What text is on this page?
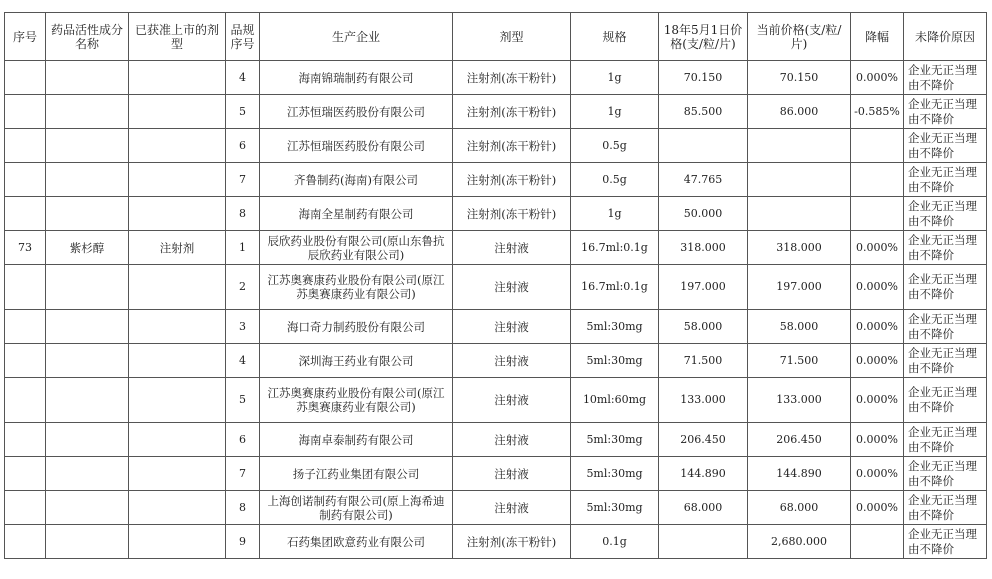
序号	药品活性成分名称	已获准上市的剂型	品规序号	生产企业	剂型	规格	18年5月1日价格(支/粒/片)	当前价格(支/粒/片)	降幅	未降价原因
			4	海南锦瑞制药有限公司	注射剂(冻干粉针)	1g	70.150	70.150	0.000%	企业无正当理由不降价
			5	江苏恒瑞医药股份有限公司	注射剂(冻干粉针)	1g	85.500	86.000	-0.585%	企业无正当理由不降价
			6	江苏恒瑞医药股份有限公司	注射剂(冻干粉针)	0.5g				企业无正当理由不降价
			7	齐鲁制药(海南)有限公司	注射剂(冻干粉针)	0.5g	47.765			企业无正当理由不降价
			8	海南全星制药有限公司	注射剂(冻干粉针)	1g	50.000			企业无正当理由不降价
73	紫杉醇	注射剂	1	辰欣药业股份有限公司(原山东鲁抗辰欣药业有限公司)	注射液	16.7ml:0.1g	318.000	318.000	0.000%	企业无正当理由不降价
			2	江苏奥赛康药业股份有限公司(原江苏奥赛康药业有限公司)	注射液	16.7ml:0.1g	197.000	197.000	0.000%	企业无正当理由不降价
			3	海口奇力制药股份有限公司	注射液	5ml:30mg	58.000	58.000	0.000%	企业无正当理由不降价
			4	深圳海王药业有限公司	注射液	5ml:30mg	71.500	71.500	0.000%	企业无正当理由不降价
			5	江苏奥赛康药业股份有限公司(原江苏奥赛康药业有限公司)	注射液	10ml:60mg	133.000	133.000	0.000%	企业无正当理由不降价
			6	海南卓泰制药有限公司	注射液	5ml:30mg	206.450	206.450	0.000%	企业无正当理由不降价
			7	扬子江药业集团有限公司	注射液	5ml:30mg	144.890	144.890	0.000%	企业无正当理由不降价
			8	上海创诺制药有限公司(原上海希迪制药有限公司)	注射液	5ml:30mg	68.000	68.000	0.000%	企业无正当理由不降价
			9	石药集团欧意药业有限公司	注射剂(冻干粉针)	0.1g		2,680.000		企业无正当理由不降价
